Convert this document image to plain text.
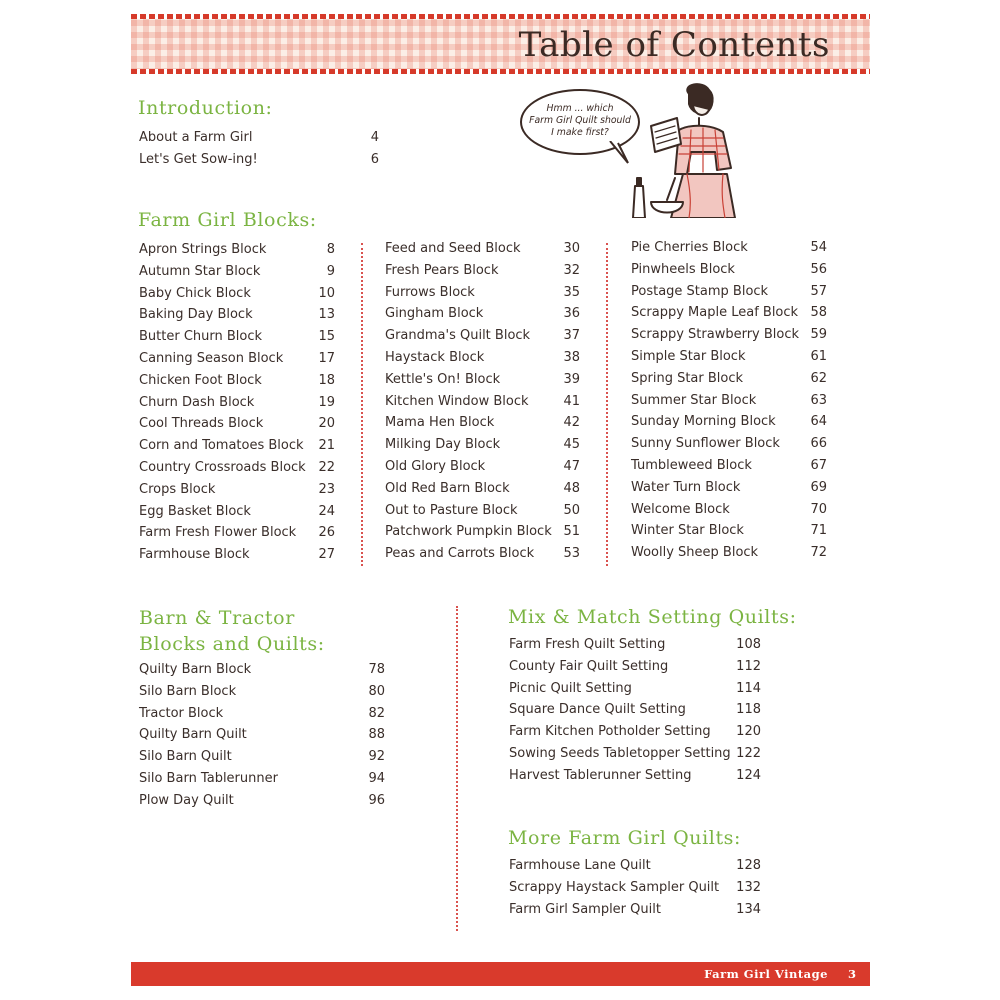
Table of Contents
Introduction:
About a Farm Girl	4
Let's Get Sow-ing!	6
Hmm ... which
Farm Girl Quilt should
I make first?
Farm Girl Blocks:
Apron Strings Block	8
Autumn Star Block	9
Baby Chick Block	10
Baking Day Block	13
Butter Churn Block	15
Canning Season Block	17
Chicken Foot Block	18
Churn Dash Block	19
Cool Threads Block	20
Corn and Tomatoes Block 21
Country Crossroads Block 22
Crops Block	23
Egg Basket Block	24
Farm Fresh Flower Block 26
Farmhouse Block	27
Feed and Seed Block	30
Fresh Pears Block	32
Furrows Block	35
Gingham Block	36
Grandma's Quilt Block	37
Haystack Block	38
Kettle's On! Block	39
Kitchen Window Block	41
Mama Hen Block	42
Milking Day Block	45
Old Glory Block	47
Old Red Barn Block	48
Out to Pasture Block	50
Patchwork Pumpkin Block 51
Peas and Carrots Block 53
Pie Cherries Block	54
Pinwheels Block	56
Postage Stamp Block	57
Scrappy Maple Leaf Block 58
Scrappy Strawberry Block 59
Simple Star Block	61
Spring Star Block	62
Summer Star Block	63
Sunday Morning Block	64
Sunny Sunflower Block 66
Tumbleweed Block	67
Water Turn Block	69
Welcome Block	70
Winter Star Block	71
Woolly Sheep Block	72
Barn & Tractor
Blocks and Quilts:
Quilty Barn Block	78
Silo Barn Block	80
Tractor Block	82
Quilty Barn Quilt	88
Silo Barn Quilt	92
Silo Barn Tablerunner	94
Plow Day Quilt	96
Mix & Match Setting Quilts:
Farm Fresh Quilt Setting	108
County Fair Quilt Setting	112
Picnic Quilt Setting	114
Square Dance Quilt Setting	118
Farm Kitchen Potholder Setting 120
Sowing Seeds Tabletopper Setting 122
Harvest Tablerunner Setting	124
More Farm Girl Quilts:
Farmhouse Lane Quilt	128
Scrappy Haystack Sampler Quilt 132
Farm Girl Sampler Quilt	134
Farm Girl Vintage 3
